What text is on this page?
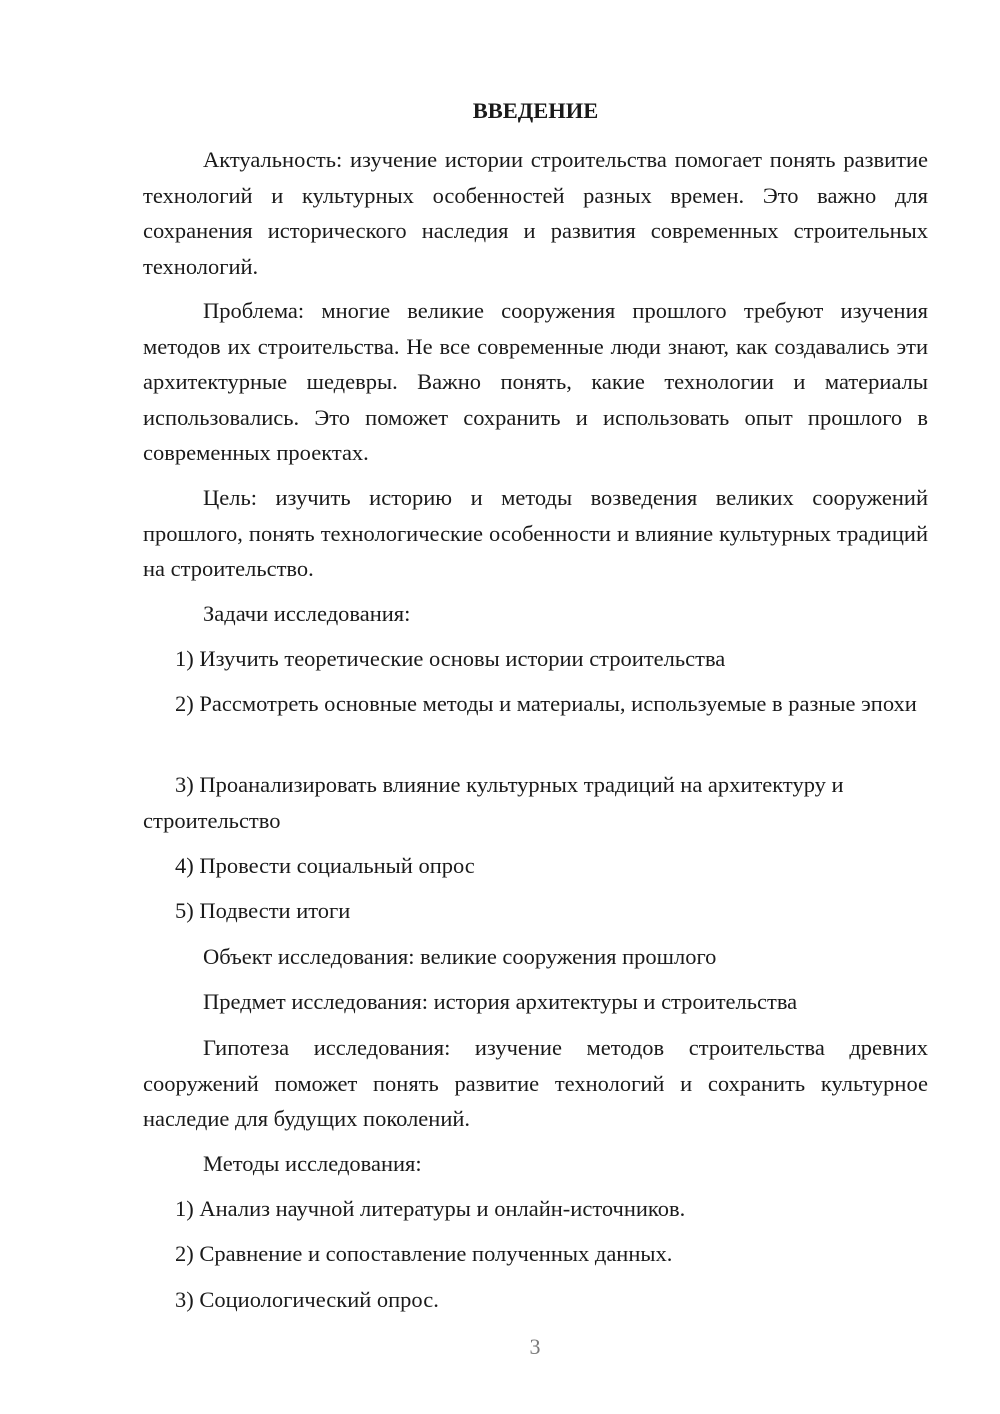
ВВЕДЕНИЕ

Актуальность: изучение истории строительства помогает понять развитие технологий и культурных особенностей разных времен. Это важно для сохранения исторического наследия и развития современных строительных технологий.

Проблема: многие великие сооружения прошлого требуют изучения методов их строительства. Не все современные люди знают, как создавались эти архитектурные шедевры. Важно понять, какие технологии и материалы использовались. Это поможет сохранить и использовать опыт прошлого в современных проектах.

Цель: изучить историю и методы возведения великих сооружений прошлого, понять технологические особенности и влияние культурных традиций на строительство.

Задачи исследования:

1) Изучить теоретические основы истории строительства

2) Рассмотреть основные методы и материалы, используемые в разные эпохи

3) Проанализировать влияние культурных традиций на архитектуру и строительство

4) Провести социальный опрос

5) Подвести итоги

Объект исследования: великие сооружения прошлого

Предмет исследования: история архитектуры и строительства

Гипотеза исследования: изучение методов строительства древних сооружений поможет понять развитие технологий и сохранить культурное наследие для будущих поколений.

Методы исследования:

1) Анализ научной литературы и онлайн-источников.

2) Сравнение и сопоставление полученных данных.

3) Социологический опрос.

3
